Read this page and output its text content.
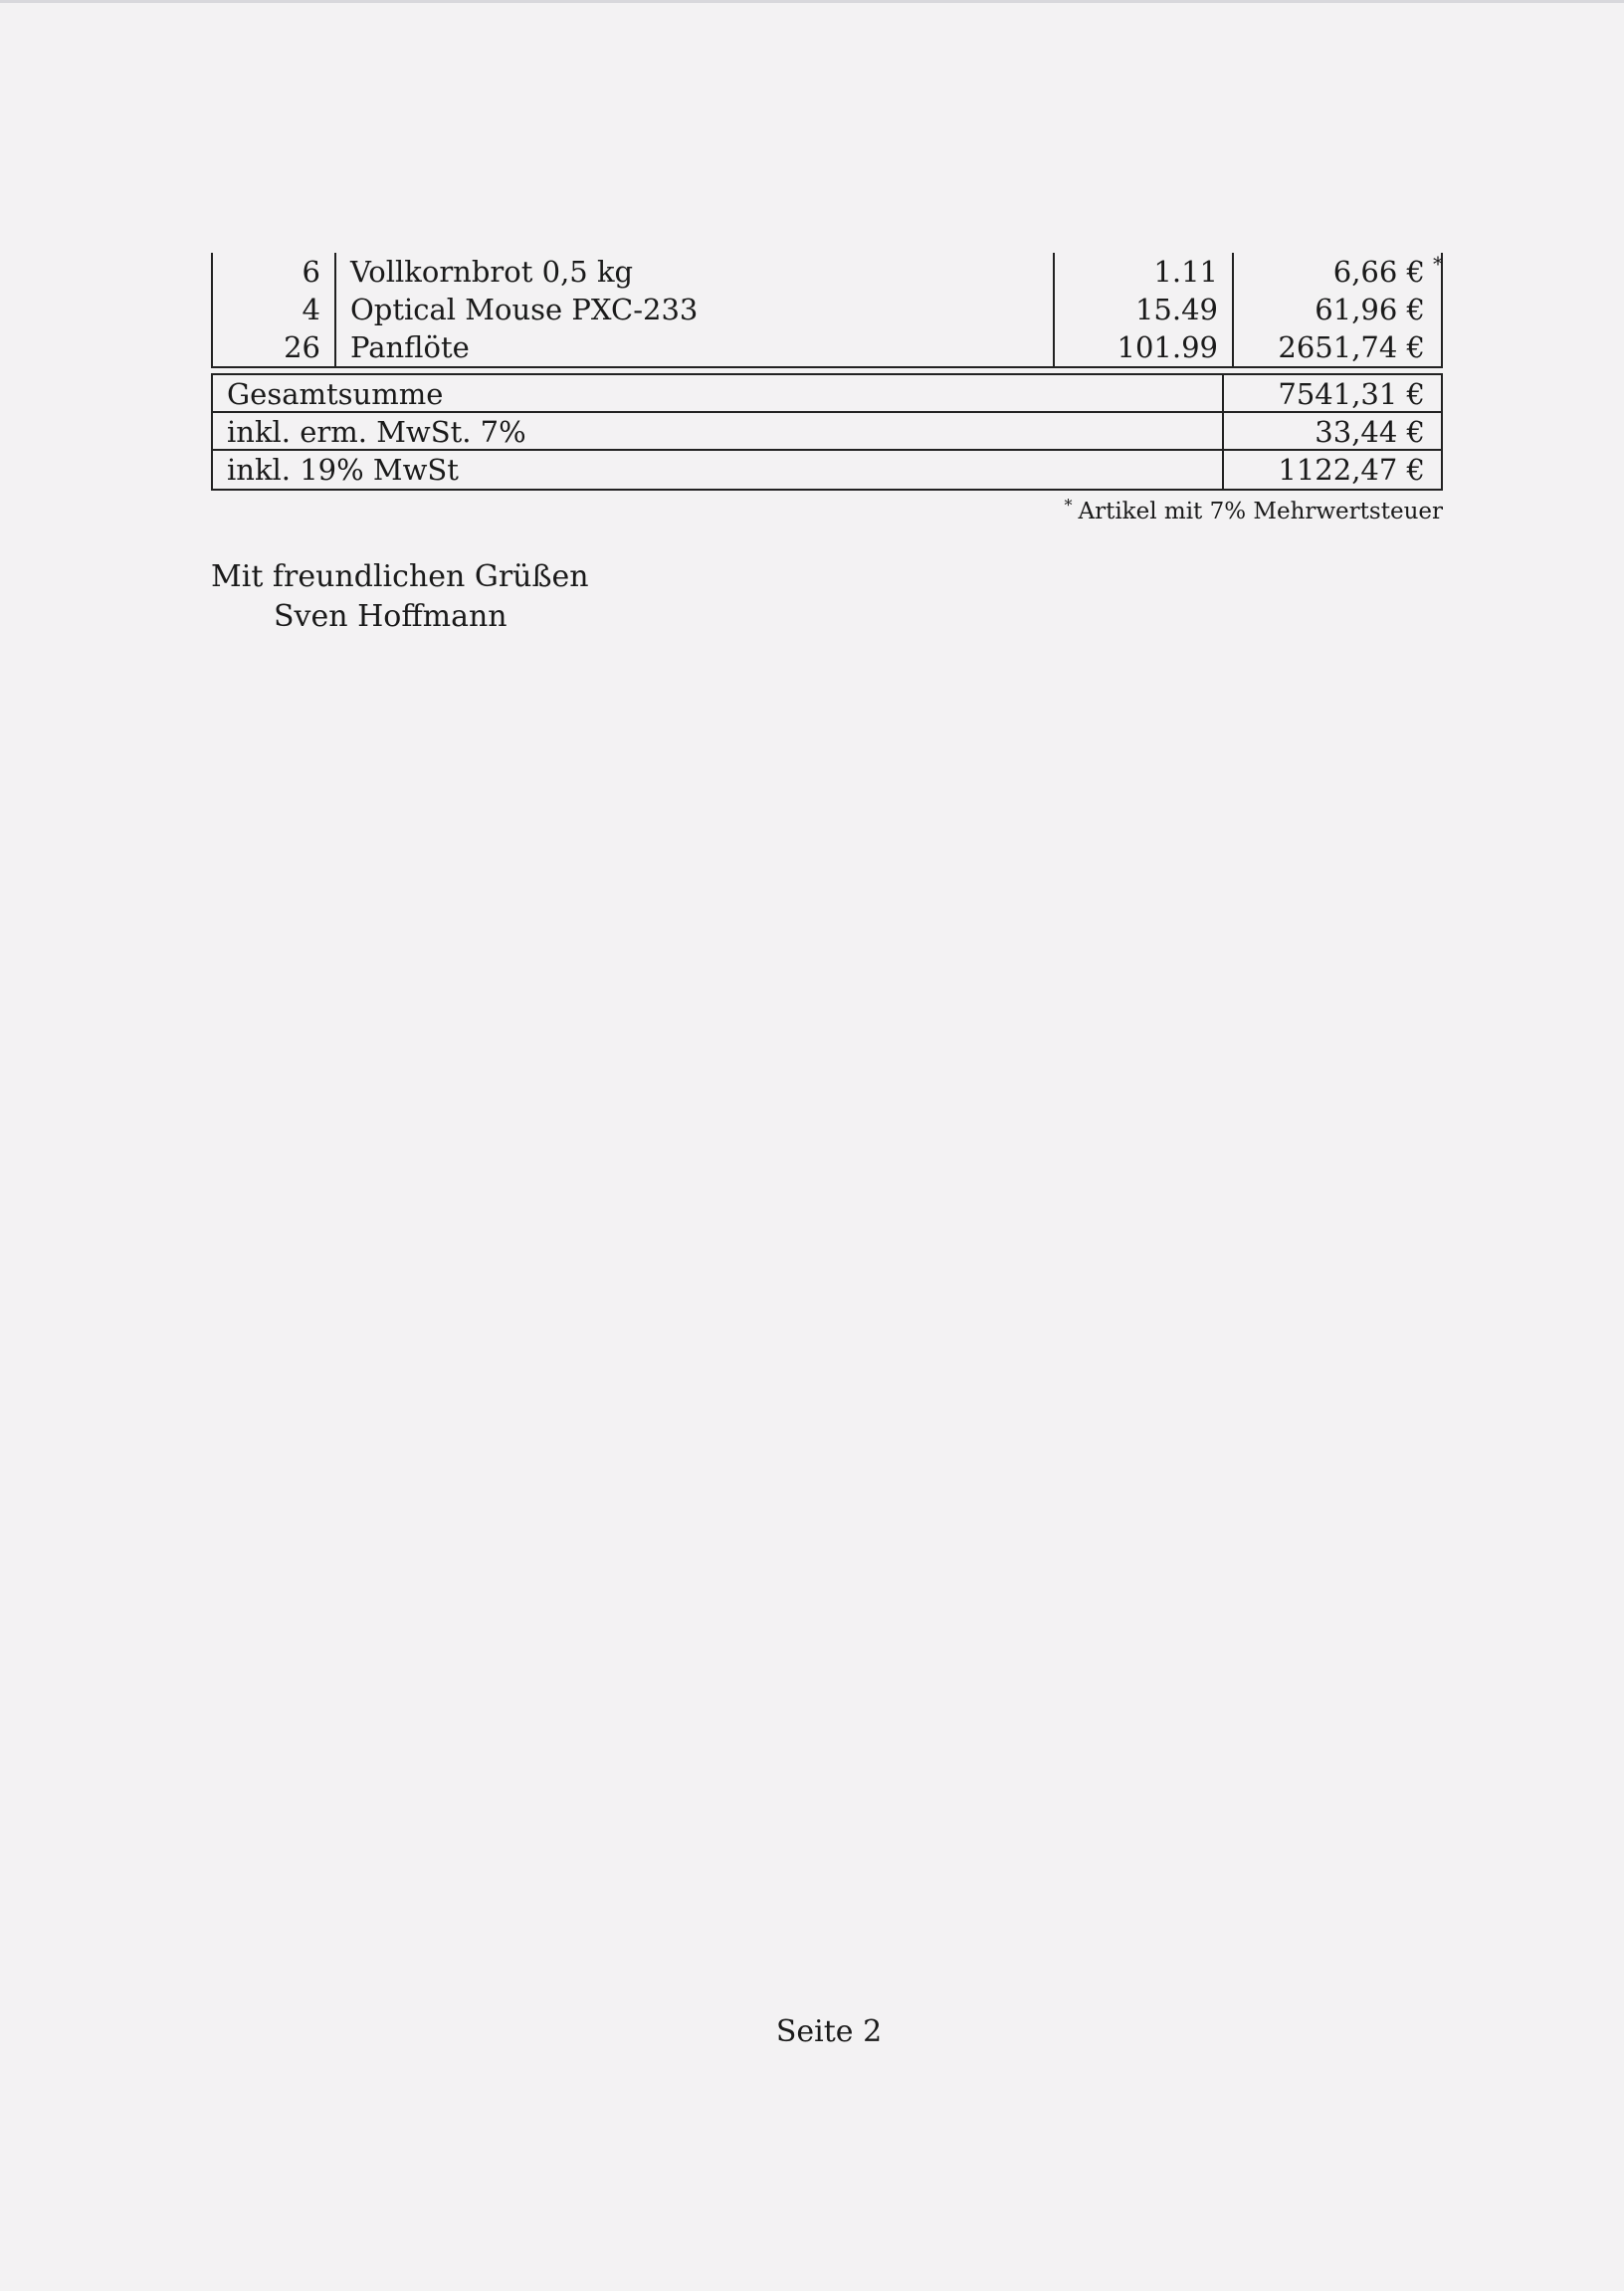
6	Vollkornbrot 0,5 kg	1.11	6,66 € *
4	Optical Mouse PXC-233	15.49	61,96 €
26	Panflöte	101.99	2651,74 €
Gesamtsumme	7541,31 €
inkl. erm. MwSt. 7%	33,44 €
inkl. 19% MwSt	1122,47 €
* Artikel mit 7% Mehrwertsteuer
Mit freundlichen Grüßen
Sven Hoffmann
Seite 2
